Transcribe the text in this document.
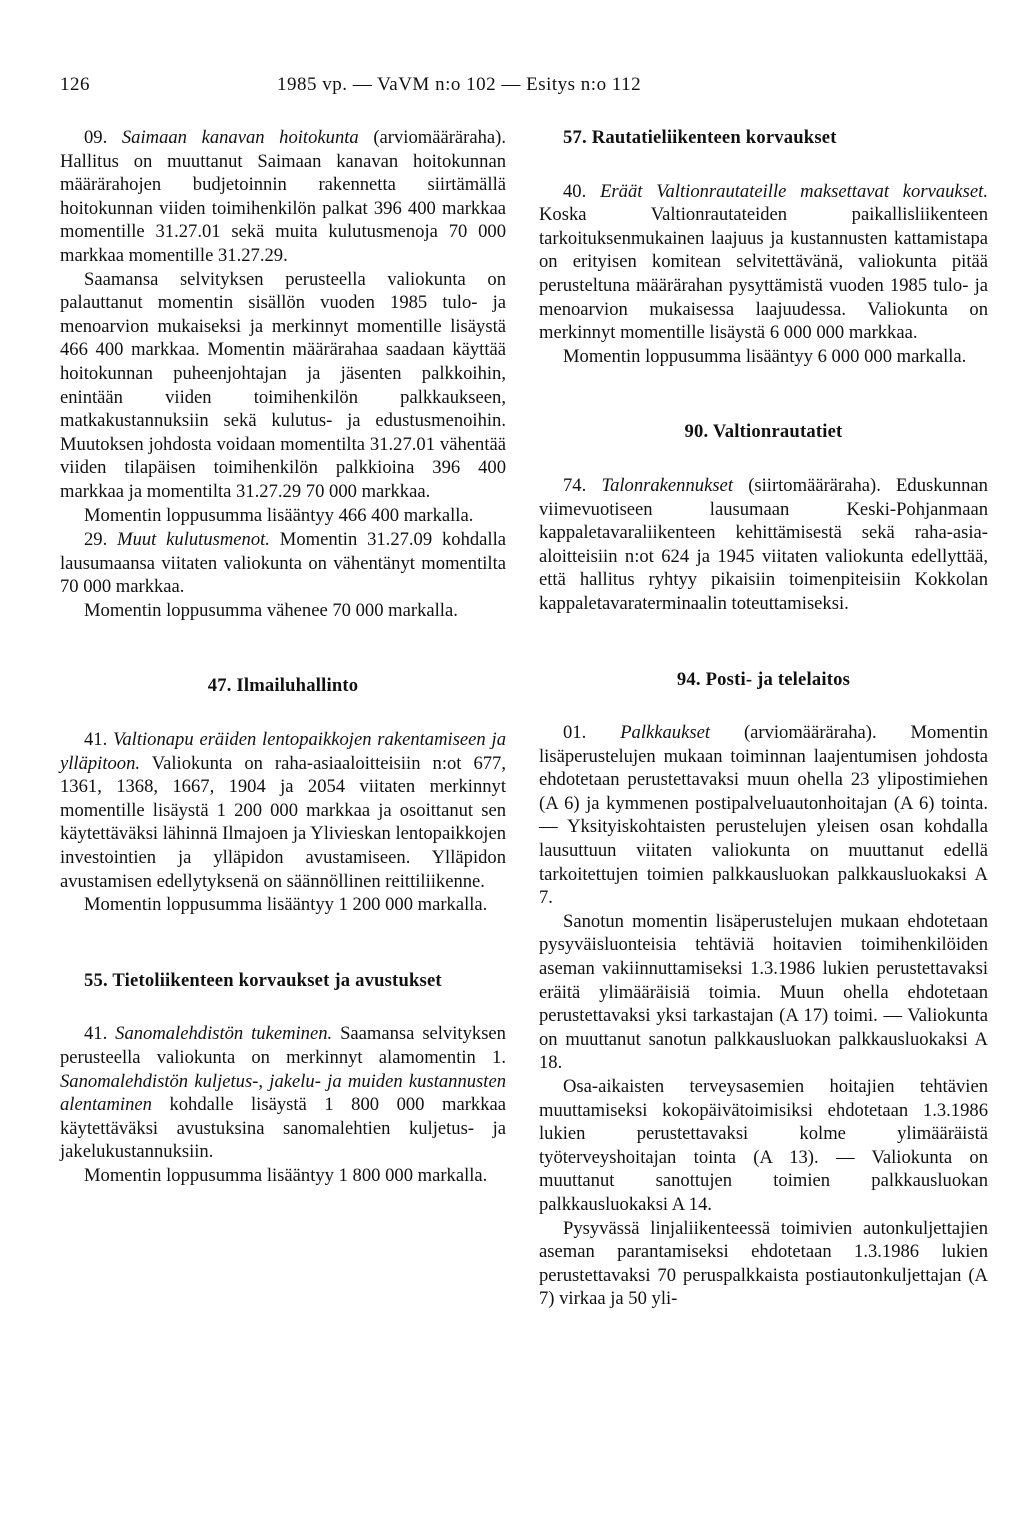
126	1985 vp. — VaVM n:o 102 — Esitys n:o 112

09. Saimaan kanavan hoitokunta (arviomääräraha). Hallitus on muuttanut Saimaan kanavan hoitokunnan määrärahojen budjetoinnin rakennetta siirtämällä hoitokunnan viiden toimihenkilön palkat 396 400 markkaa momentille 31.27.01 sekä muita kulutusmenoja 70 000 markkaa momentille 31.27.29.

Saamansa selvityksen perusteella valiokunta on palauttanut momentin sisällön vuoden 1985 tulo- ja menoarvion mukaiseksi ja merkinnyt momentille lisäystä 466 400 markkaa. Momentin määrärahaa saadaan käyttää hoitokunnan puheenjohtajan ja jäsenten palkkoihin, enintään viiden toimihenkilön palkkaukseen, matkakustannuksiin sekä kulutus- ja edustusmenoihin. Muutoksen johdosta voidaan momentilta 31.27.01 vähentää viiden tilapäisen toimihenkilön palkkioina 396 400 markkaa ja momentilta 31.27.29 70 000 markkaa.

Momentin loppusumma lisääntyy 466 400 markalla.

29. Muut kulutusmenot. Momentin 31.27.09 kohdalla lausumaansa viitaten valiokunta on vähentänyt momentilta 70 000 markkaa.

Momentin loppusumma vähenee 70 000 markalla.

47. Ilmailuhallinto

41. Valtionapu eräiden lentopaikkojen rakentamiseen ja ylläpitoon. Valiokunta on raha-asiaaloitteisiin n:ot 677, 1361, 1368, 1667, 1904 ja 2054 viitaten merkinnyt momentille lisäystä 1 200 000 markkaa ja osoittanut sen käytettäväksi lähinnä Ilmajoen ja Ylivieskan lentopaikkojen investointien ja ylläpidon avustamiseen. Ylläpidon avustamisen edellytyksenä on säännöllinen reittiliikenne.

Momentin loppusumma lisääntyy 1 200 000 markalla.

55. Tietoliikenteen korvaukset ja avustukset

41. Sanomalehdistön tukeminen. Saamansa selvityksen perusteella valiokunta on merkinnyt alamomentin 1. Sanomalehdistön kuljetus-, jakelu- ja muiden kustannusten alentaminen kohdalle lisäystä 1 800 000 markkaa käytettäväksi avustuksina sanomalehtien kuljetus- ja jakelukustannuksiin.

Momentin loppusumma lisääntyy 1 800 000 markalla.

57. Rautatieliikenteen korvaukset

40. Eräät Valtionrautateille maksettavat korvaukset. Koska Valtionrautateiden paikallisliikenteen tarkoituksenmukainen laajuus ja kustannusten kattamistapa on erityisen komitean selvitettävänä, valiokunta pitää perusteltuna määrärahan pysyttämistä vuoden 1985 tulo- ja menoarvion mukaisessa laajuudessa. Valiokunta on merkinnyt momentille lisäystä 6 000 000 markkaa.

Momentin loppusumma lisääntyy 6 000 000 markalla.

90. Valtionrautatiet

74. Talonrakennukset (siirtomääräraha). Eduskunnan viimevuotiseen lausumaan Keski-Pohjanmaan kappaletavaraliikenteen kehittämisestä sekä raha-asia-aloitteisiin n:ot 624 ja 1945 viitaten valiokunta edellyttää, että hallitus ryhtyy pikaisiin toimenpiteisiin Kokkolan kappaletavaraterminaalin toteuttamiseksi.

94. Posti- ja telelaitos

01. Palkkaukset (arviomääräraha). Momentin lisäperustelujen mukaan toiminnan laajentumisen johdosta ehdotetaan perustettavaksi muun ohella 23 ylipostimiehen (A 6) ja kymmenen postipalveluautonhoitajan (A 6) tointa. — Yksityiskohtaisten perustelujen yleisen osan kohdalla lausuttuun viitaten valiokunta on muuttanut edellä tarkoitettujen toimien palkkausluokan palkkausluokaksi A 7.

Sanotun momentin lisäperustelujen mukaan ehdotetaan pysyväisluonteisia tehtäviä hoitavien toimihenkilöiden aseman vakiinnuttamiseksi 1.3.1986 lukien perustettavaksi eräitä ylimääräisiä toimia. Muun ohella ehdotetaan perustettavaksi yksi tarkastajan (A 17) toimi. — Valiokunta on muuttanut sanotun palkkausluokan palkkausluokaksi A 18.

Osa-aikaisten terveysasemien hoitajien tehtävien muuttamiseksi kokopäivätoimisiksi ehdotetaan 1.3.1986 lukien perustettavaksi kolme ylimääräistä työterveyshoitajan tointa (A 13). — Valiokunta on muuttanut sanottujen toimien palkkausluokan palkkausluokaksi A 14.

Pysyvässä linjaliikenteessä toimivien autonkuljettajien aseman parantamiseksi ehdotetaan 1.3.1986 lukien perustettavaksi 70 peruspalkkaista postiautonkuljettajan (A 7) virkaa ja 50 yli-
